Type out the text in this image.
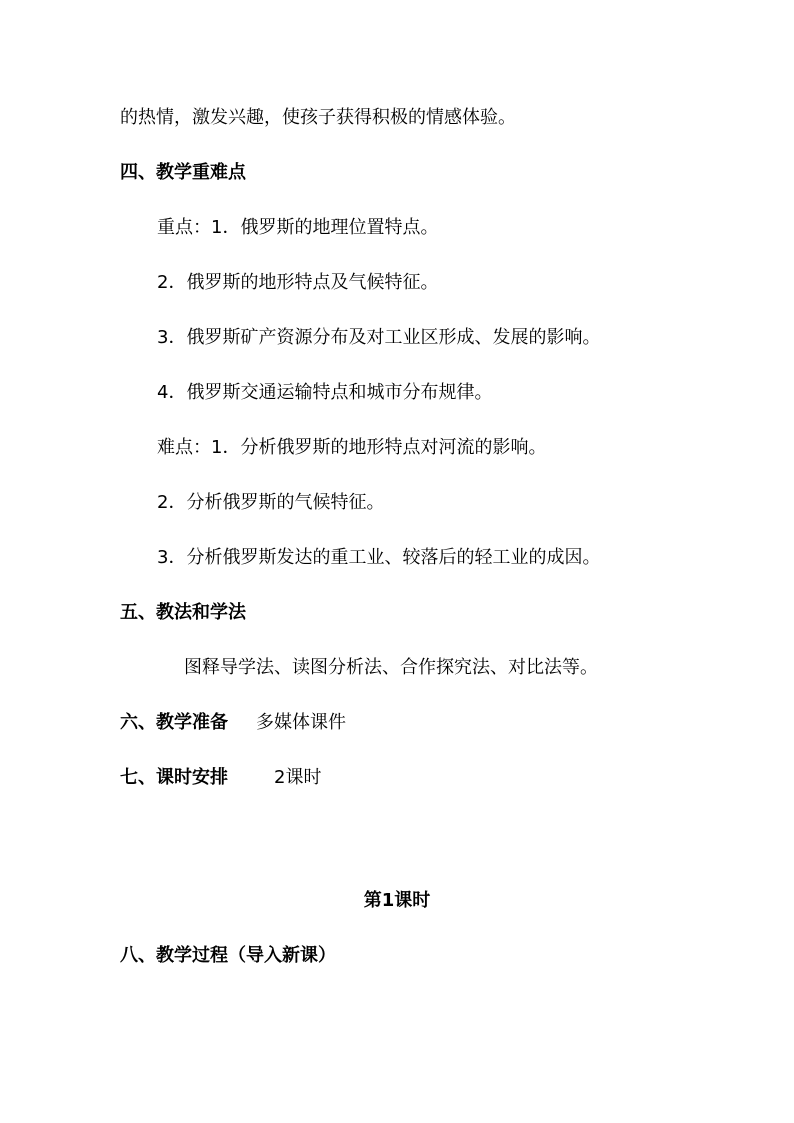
的热情，激发兴趣，使孩子获得积极的情感体验。
四、教学重难点
重点：1．俄罗斯的地理位置特点。
2．俄罗斯的地形特点及气候特征。
3．俄罗斯矿产资源分布及对工业区形成、发展的影响。
4．俄罗斯交通运输特点和城市分布规律。
难点：1．分析俄罗斯的地形特点对河流的影响。
2．分析俄罗斯的气候特征。
3．分析俄罗斯发达的重工业、较落后的轻工业的成因。
五、教法和学法
图释导学法、读图分析法、合作探究法、对比法等。
六、教学准备 多媒体课件
七、课时安排	2课时
第1课时
八、教学过程（导入新课）
